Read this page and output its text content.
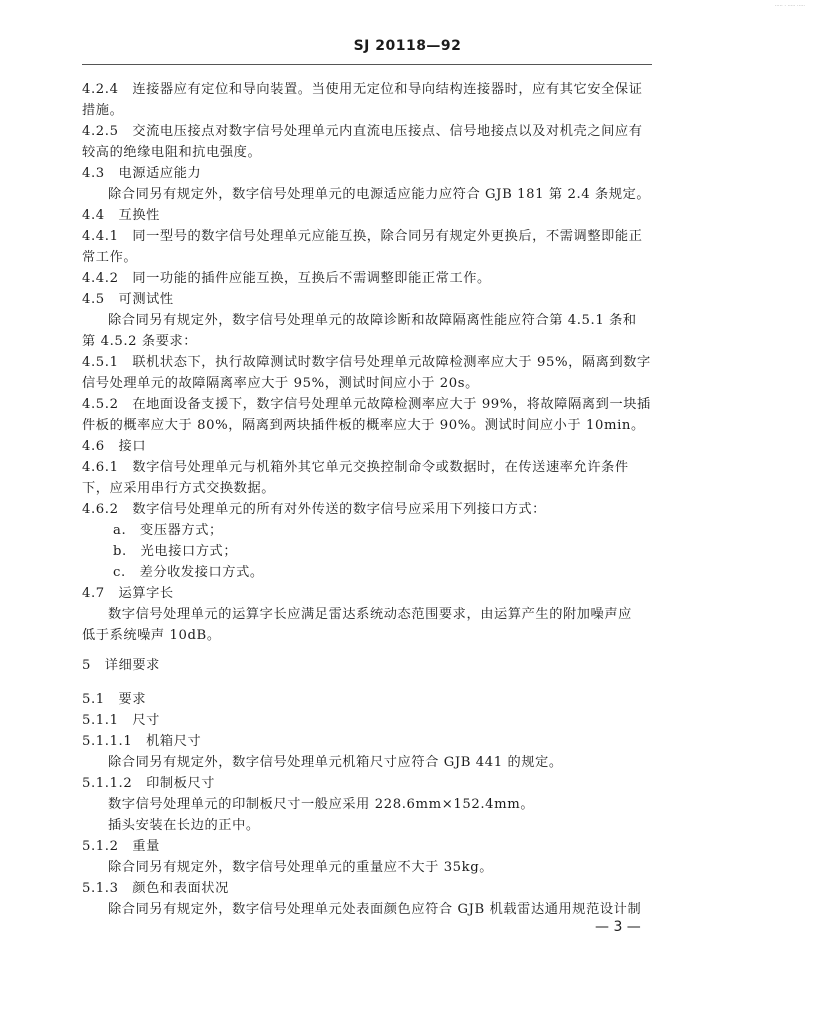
····· · ····· ·····
SJ 20118—92
4.2.4　连接器应有定位和导向装置。当使用无定位和导向结构连接器时，应有其它安全保证
措施。
4.2.5　交流电压接点对数字信号处理单元内直流电压接点、信号地接点以及对机壳之间应有
较高的绝缘电阻和抗电强度。
4.3　电源适应能力
除合同另有规定外，数字信号处理单元的电源适应能力应符合 GJB 181 第 2.4 条规定。
4.4　互换性
4.4.1　同一型号的数字信号处理单元应能互换，除合同另有规定外更换后，不需调整即能正
常工作。
4.4.2　同一功能的插件应能互换，互换后不需调整即能正常工作。
4.5　可测试性
除合同另有规定外，数字信号处理单元的故障诊断和故障隔离性能应符合第 4.5.1 条和
第 4.5.2 条要求：
4.5.1　联机状态下，执行故障测试时数字信号处理单元故障检测率应大于 95%，隔离到数字
信号处理单元的故障隔离率应大于 95%，测试时间应小于 20s。
4.5.2　在地面设备支援下，数字信号处理单元故障检测率应大于 99%，将故障隔离到一块插
件板的概率应大于 80%，隔离到两块插件板的概率应大于 90%。测试时间应小于 10min。
4.6　接口
4.6.1　数字信号处理单元与机箱外其它单元交换控制命令或数据时，在传送速率允许条件
下，应采用串行方式交换数据。
4.6.2　数字信号处理单元的所有对外传送的数字信号应采用下列接口方式：
a.　变压器方式；
b.　光电接口方式；
c.　差分收发接口方式。
4.7　运算字长
数字信号处理单元的运算字长应满足雷达系统动态范围要求，由运算产生的附加噪声应
低于系统噪声 10dB。
5　详细要求
5.1　要求
5.1.1　尺寸
5.1.1.1　机箱尺寸
除合同另有规定外，数字信号处理单元机箱尺寸应符合 GJB 441 的规定。
5.1.1.2　印制板尺寸
数字信号处理单元的印制板尺寸一般应采用 228.6mm×152.4mm。
插头安装在长边的正中。
5.1.2　重量
除合同另有规定外，数字信号处理单元的重量应不大于 35kg。
5.1.3　颜色和表面状况
除合同另有规定外，数字信号处理单元处表面颜色应符合 GJB 机载雷达通用规范设计制
— 3 —
